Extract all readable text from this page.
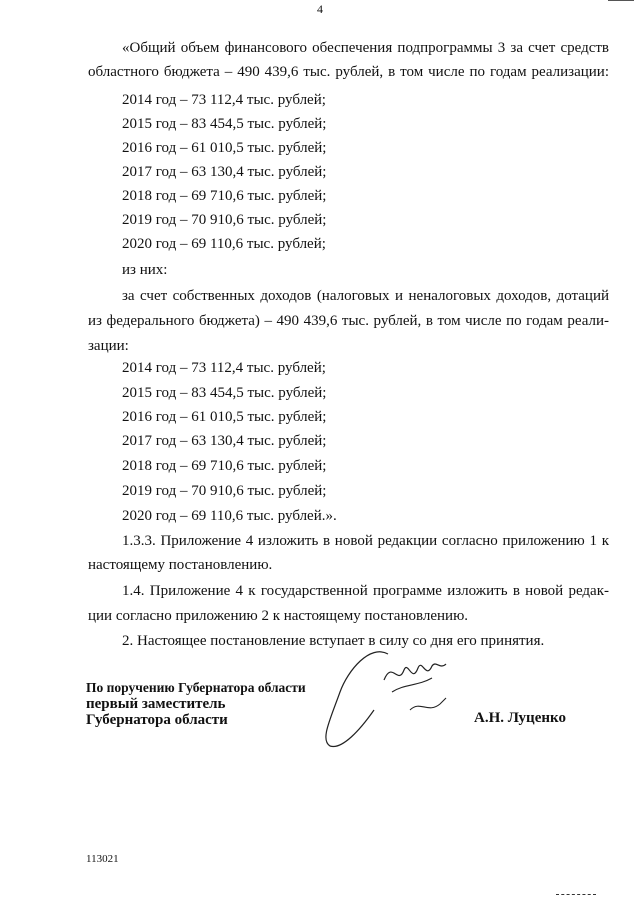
4
«Общий объем финансового обеспечения подпрограммы 3 за счет средств
областного бюджета – 490 439,6 тыс. рублей, в том числе по годам реализации:
2014 год – 73 112,4 тыс. рублей;
2015 год – 83 454,5 тыс. рублей;
2016 год – 61 010,5 тыс. рублей;
2017 год – 63 130,4 тыс. рублей;
2018 год – 69 710,6 тыс. рублей;
2019 год – 70 910,6 тыс. рублей;
2020 год – 69 110,6 тыс. рублей;
из них:
за счет собственных доходов (налоговых и неналоговых доходов, дотаций
из федерального бюджета) – 490 439,6 тыс. рублей, в том числе по годам реали-
зации:
2014 год – 73 112,4 тыс. рублей;
2015 год – 83 454,5 тыс. рублей;
2016 год – 61 010,5 тыс. рублей;
2017 год – 63 130,4 тыс. рублей;
2018 год – 69 710,6 тыс. рублей;
2019 год – 70 910,6 тыс. рублей;
2020 год – 69 110,6 тыс. рублей.».
1.3.3. Приложение 4 изложить в новой редакции согласно приложению 1 к
настоящему постановлению.
1.4. Приложение 4 к государственной программе изложить в новой редак-
ции согласно приложению 2 к настоящему постановлению.
2. Настоящее постановление вступает в силу со дня его принятия.
По поручению Губернатора области
первый заместитель
Губернатора области	А.Н. Луценко
113021
